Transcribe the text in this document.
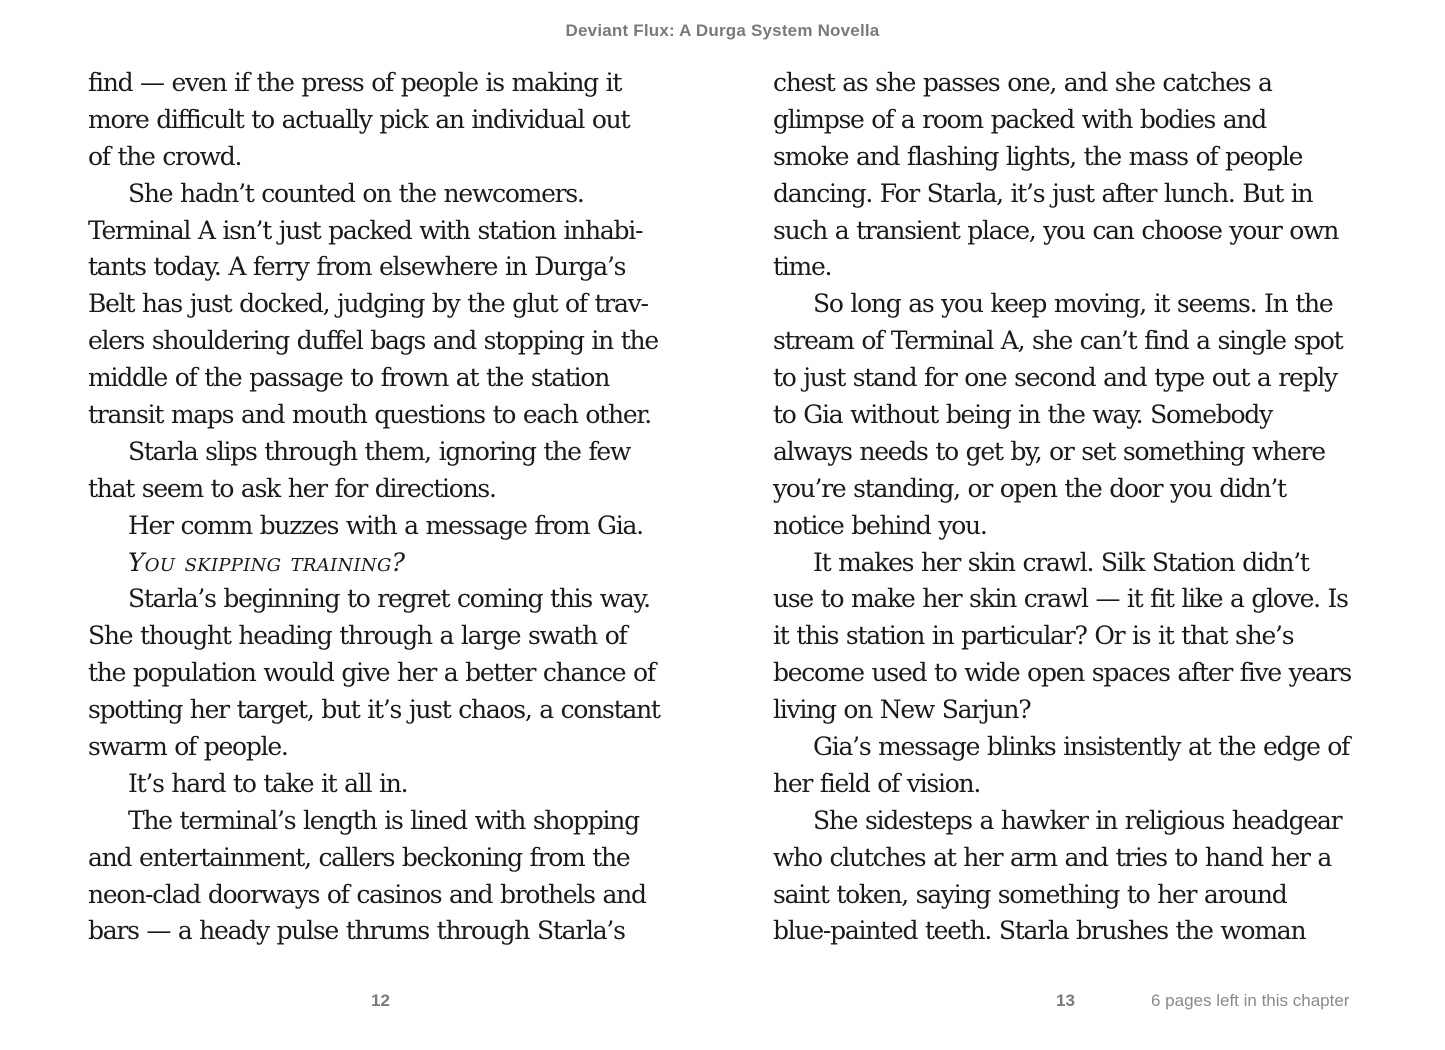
Deviant Flux: A Durga System Novella
find — even if the press of people is making it
more difficult to actually pick an individual out
of the crowd.
She hadn’t counted on the newcomers.
Terminal A isn’t just packed with station inhabi-
tants today. A ferry from elsewhere in Durga’s
Belt has just docked, judging by the glut of trav-
elers shouldering duffel bags and stopping in the
middle of the passage to frown at the station
transit maps and mouth questions to each other.
Starla slips through them, ignoring the few
that seem to ask her for directions.
Her comm buzzes with a message from Gia.
You skipping training?
Starla’s beginning to regret coming this way.
She thought heading through a large swath of
the population would give her a better chance of
spotting her target, but it’s just chaos, a constant
swarm of people.
It’s hard to take it all in.
The terminal’s length is lined with shopping
and entertainment, callers beckoning from the
neon-clad doorways of casinos and brothels and
bars — a heady pulse thrums through Starla’s
chest as she passes one, and she catches a
glimpse of a room packed with bodies and
smoke and flashing lights, the mass of people
dancing. For Starla, it’s just after lunch. But in
such a transient place, you can choose your own
time.
So long as you keep moving, it seems. In the
stream of Terminal A, she can’t find a single spot
to just stand for one second and type out a reply
to Gia without being in the way. Somebody
always needs to get by, or set something where
you’re standing, or open the door you didn’t
notice behind you.
It makes her skin crawl. Silk Station didn’t
use to make her skin crawl — it fit like a glove. Is
it this station in particular? Or is it that she’s
become used to wide open spaces after five years
living on New Sarjun?
Gia’s message blinks insistently at the edge of
her field of vision.
She sidesteps a hawker in religious headgear
who clutches at her arm and tries to hand her a
saint token, saying something to her around
blue-painted teeth. Starla brushes the woman
12	13	6 pages left in this chapter
